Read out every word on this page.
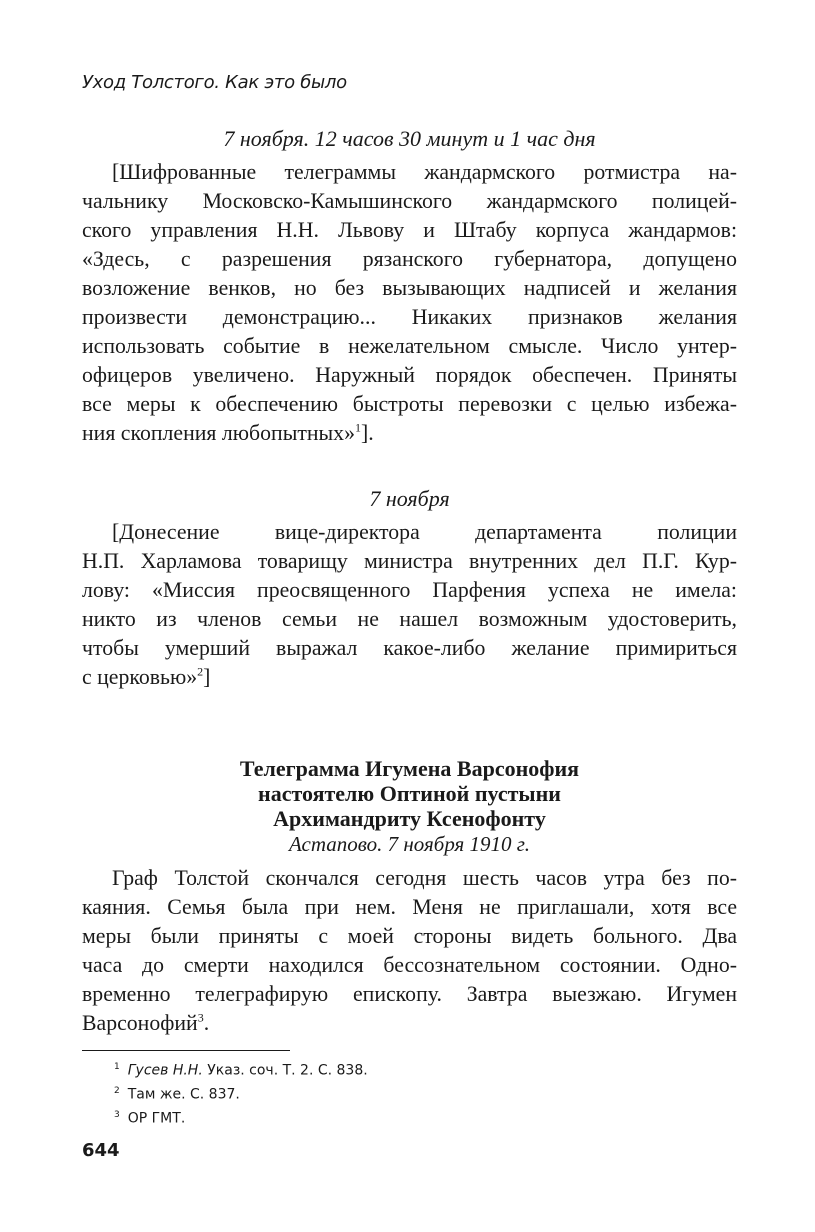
Уход Толстого. Как это было
7 ноября. 12 часов 30 минут и 1 час дня
[Шифрованные телеграммы жандармского ротмистра на-
чальнику Московско-Камышинского жандармского полицей-
ского управления Н.Н. Львову и Штабу корпуса жандармов:
«Здесь, с разрешения рязанского губернатора, допущено
возложение венков, но без вызывающих надписей и желания
произвести демонстрацию... Никаких признаков желания
использовать событие в нежелательном смысле. Число унтер-
офицеров увеличено. Наружный порядок обеспечен. Приняты
все меры к обеспечению быстроты перевозки с целью избежа-
ния скопления любопытных»$^1$].
7 ноября
[Донесение вице-директора департамента полиции
Н.П. Харламова товарищу министра внутренних дел П.Г. Кур-
лову: «Миссия преосвященного Парфения успеха не имела:
никто из членов семьи не нашел возможным удостоверить,
чтобы умерший выражал какое-либо желание примириться
с церковью»$^2$]
Телеграмма Игумена Варсонофия
настоятелю Оптиной пустыни
Архимандриту Ксенофонту
Астапово. 7 ноября 1910 г.
Граф Толстой скончался сегодня шесть часов утра без по-
каяния. Семья была при нем. Меня не приглашали, хотя все
меры были приняты с моей стороны видеть больного. Два
часа до смерти находился бессознательном состоянии. Одно-
временно телеграфирую епископу. Завтра выезжаю. Игумен
Варсонофий$^3$.
$^1$ Гусев Н.Н. Указ. соч. Т. 2. С. 838.
$^2$ Там же. С. 837.
$^3$ ОР ГМТ.
644
